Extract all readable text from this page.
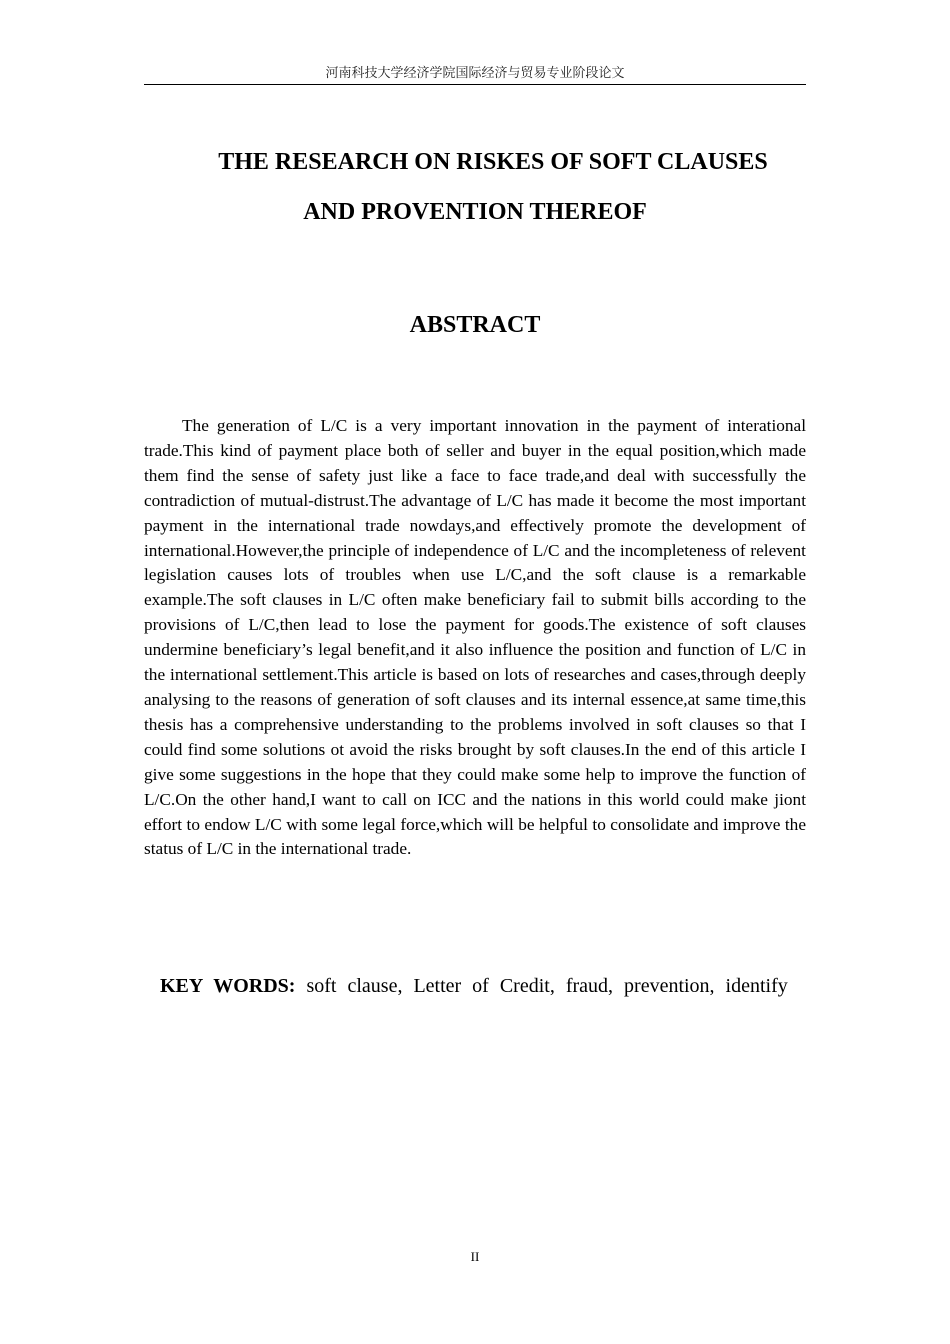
河南科技大学经济学院国际经济与贸易专业阶段论文
THE RESEARCH ON RISKES OF SOFT CLAUSES
AND PROVENTION THEREOF
ABSTRACT

The generation of L/C is a very important innovation in the payment of interational trade.This kind of payment place both of seller and buyer in the equal position,which made them find the sense of safety just like a face to face trade,and deal with successfully the contradiction of mutual-distrust.The advantage of L/C has made it become the most important payment in the international trade nowdays,and effectively promote the development of international.However,the principle of independence of L/C and the incompleteness of relevent legislation causes lots of troubles when use L/C,and the soft clause is a remarkable example.The soft clauses in L/C often make beneficiary fail to submit bills according to the provisions of L/C,then lead to lose the payment for goods.The existence of soft clauses undermine beneficiary’s legal benefit,and it also influence the position and function of L/C in the international settlement.This article is based on lots of researches and cases,through deeply analysing to the reasons of generation of soft clauses and its internal essence,at same time,this thesis has a comprehensive understanding to the problems involved in soft clauses so that I could find some solutions ot avoid the risks brought by soft clauses.In the end of this article I give some suggestions in the hope that they could make some help to improve the function of L/C.On the other hand,I want to call on ICC and the nations in this world could make jiont effort to endow L/C with some legal force,which will be helpful to consolidate and improve the status of L/C in the international trade.

KEY WORDS: soft clause, Letter of Credit, fraud, prevention, identify

II
